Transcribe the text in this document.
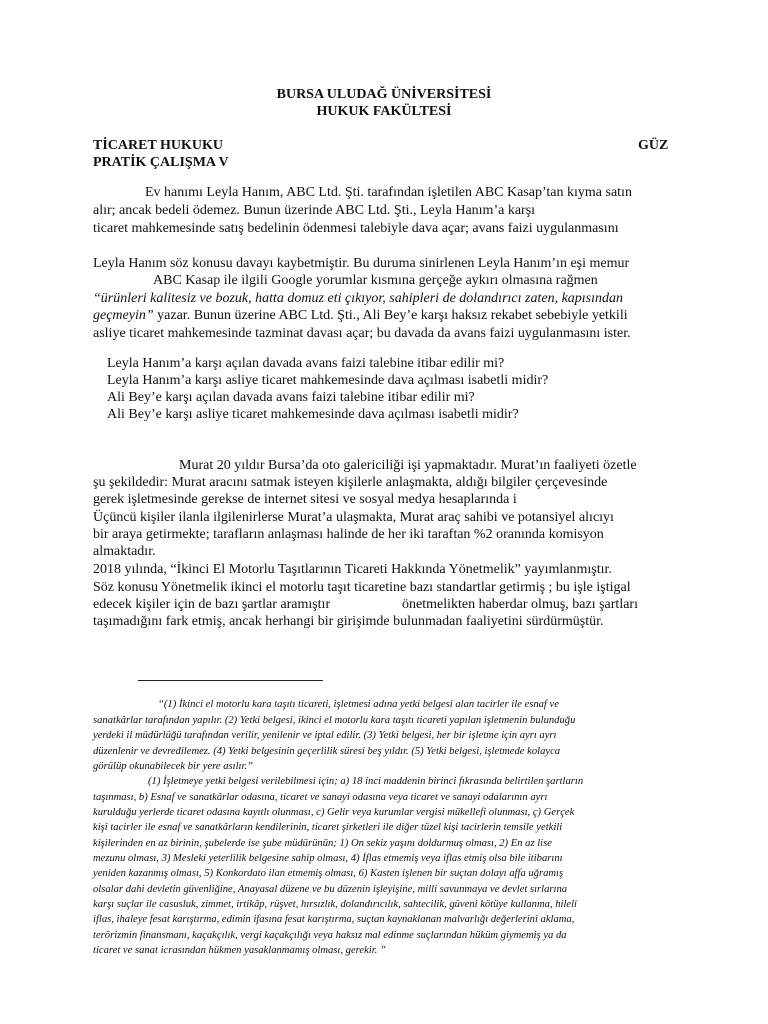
BURSA ULUDAĞ ÜNİVERSİTESİ
HUKUK FAKÜLTESİ
TİCARET HUKUKU	GÜZ
PRATİK ÇALIŞMA V
Ev hanımı Leyla Hanım, ABC Ltd. Şti. tarafından işletilen ABC Kasap’tan kıyma satın
alır; ancak bedeli ödemez. Bunun üzerinde ABC Ltd. Şti., Leyla Hanım’a karşı
ticaret mahkemesinde satış bedelinin ödenmesi talebiyle dava açar; avans faizi uygulanmasını
Leyla Hanım söz konusu davayı kaybetmiştir. Bu duruma sinirlenen Leyla Hanım’ın eşi memur
ABC Kasap ile ilgili Google yorumlar kısmına gerçeğe aykırı olmasına rağmen
“ürünleri kalitesiz ve bozuk, hatta domuz eti çıkıyor, sahipleri de dolandırıcı zaten, kapısından
geçmeyin” yazar. Bunun üzerine ABC Ltd. Şti., Ali Bey’e karşı haksız rekabet sebebiyle yetkili
asliye ticaret mahkemesinde tazminat davası açar; bu davada da avans faizi uygulanmasını ister.
Leyla Hanım’a karşı açılan davada avans faizi talebine itibar edilir mi?
Leyla Hanım’a karşı asliye ticaret mahkemesinde dava açılması isabetli midir?
Ali Bey’e karşı açılan davada avans faizi talebine itibar edilir mi?
Ali Bey’e karşı asliye ticaret mahkemesinde dava açılması isabetli midir?
Murat 20 yıldır Bursa’da oto galericiliği işi yapmaktadır. Murat’ın faaliyeti özetle
şu şekildedir: Murat aracını satmak isteyen kişilerle anlaşmakta, aldığı bilgiler çerçevesinde
gerek işletmesinde gerekse de internet sitesi ve sosyal medya hesaplarında i
Üçüncü kişiler ilanla ilgilenirlerse Murat’a ulaşmakta, Murat araç sahibi ve potansiyel alıcıyı
bir araya getirmekte; tarafların anlaşması halinde de her iki taraftan %2 oranında komisyon
almaktadır.
2018 yılında, “İkinci El Motorlu Taşıtlarının Ticareti Hakkında Yönetmelik” yayımlanmıştır.
Söz konusu Yönetmelik ikinci el motorlu taşıt ticaretine bazı standartlar getirmiş ; bu işle iştigal
edecek kişiler için de bazı şartlar aramıştır	önetmelikten haberdar olmuş, bazı şartları
taşımadığını fark etmiş, ancak herhangi bir girişimde bulunmadan faaliyetini sürdürmüştür.
“(1) İkinci el motorlu kara taşıtı ticareti, işletmesi adına yetki belgesi alan tacirler ile esnaf ve
sanatkârlar tarafından yapılır. (2) Yetki belgesi, ikinci el motorlu kara taşıtı ticareti yapılan işletmenin bulunduğu
yerdeki il müdürlüğü tarafından verilir, yenilenir ve iptal edilir. (3) Yetki belgesi, her bir işletme için ayrı ayrı
düzenlenir ve devredilemez. (4) Yetki belgesinin geçerlilik süresi beş yıldır. (5) Yetki belgesi, işletmede kolayca
görülüp okunabilecek bir yere asılır.”
(1) İşletmeye yetki belgesi verilebilmesi için; a) 18 inci maddenin birinci fıkrasında belirtilen şartların
taşınması, b) Esnaf ve sanatkârlar odasına, ticaret ve sanayi odasına veya ticaret ve sanayi odalarının ayrı
kurulduğu yerlerde ticaret odasına kayıtlı olunması, c) Gelir veya kurumlar vergisi mükellefi olunması, ç) Gerçek
kişi tacirler ile esnaf ve sanatkârların kendilerinin, ticaret şirketleri ile diğer tüzel kişi tacirlerin temsile yetkili
kişilerinden en az birinin, şubelerde ise şube müdürünün; 1) On sekiz yaşını doldurmuş olması, 2) En az lise
mezunu olması, 3) Mesleki yeterlilik belgesine sahip olması, 4) İflas etmemiş veya iflas etmiş olsa bile itibarını
yeniden kazanmış olması, 5) Konkordato ilan etmemiş olması, 6) Kasten işlenen bir suçtan dolayı affa uğramış
olsalar dahi devletin güvenliğine, Anayasal düzene ve bu düzenin işleyişine, milli savunmaya ve devlet sırlarına
karşı suçlar ile casusluk, zimmet, irtikâp, rüşvet, hırsızlık, dolandırıcılık, sahtecilik, güveni kötüye kullanma, hileli
iflas, ihaleye fesat karıştırma, edimin ifasına fesat karıştırma, suçtan kaynaklanan malvarlığı değerlerini aklama,
terörizmin finansmanı, kaçakçılık, vergi kaçakçılığı veya haksız mal edinme suçlarından hüküm giymemiş ya da
ticaret ve sanat icrasından hükmen yasaklanmamış olması, gerekir. ”
